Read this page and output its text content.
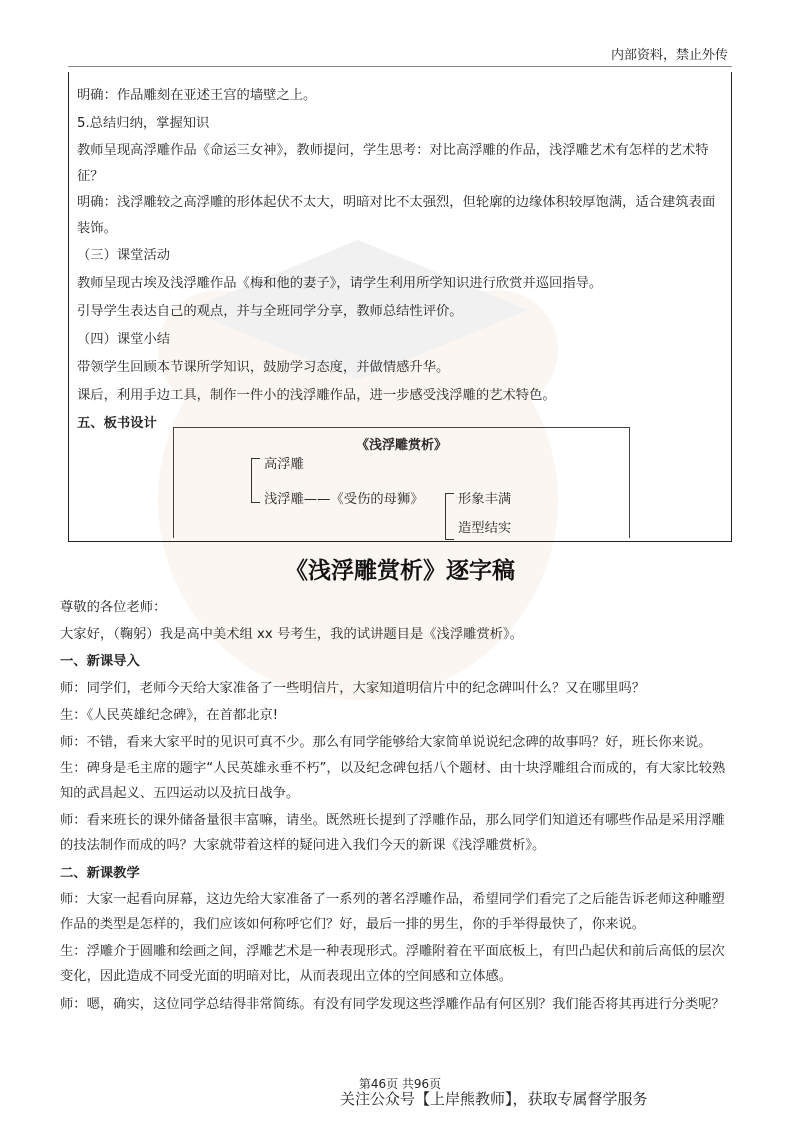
内部资料，禁止外传

明确：作品雕刻在亚述王宫的墙壁之上。

5.总结归纳，掌握知识

教师呈现高浮雕作品《命运三女神》，教师提问，学生思考：对比高浮雕的作品，浅浮雕艺术有怎样的艺术特征？

明确：浅浮雕较之高浮雕的形体起伏不太大，明暗对比不太强烈，但轮廓的边缘体积较厚饱满，适合建筑表面装饰。

（三）课堂活动

教师呈现古埃及浅浮雕作品《梅和他的妻子》，请学生利用所学知识进行欣赏并巡回指导。

引导学生表达自己的观点，并与全班同学分享，教师总结性评价。

（四）课堂小结

带领学生回顾本节课所学知识，鼓励学习态度，并做情感升华。

课后，利用手边工具，制作一件小的浅浮雕作品，进一步感受浅浮雕的艺术特色。

五、板书设计

《浅浮雕赏析》
高浮雕
浅浮雕——《受伤的母狮》	形象丰满
造型结实
《浅浮雕赏析》逐字稿

尊敬的各位老师：

大家好，（鞠躬）我是高中美术组 xx 号考生，我的试讲题目是《浅浮雕赏析》。

一、新课导入

师：同学们，老师今天给大家准备了一些明信片，大家知道明信片中的纪念碑叫什么？又在哪里吗？

生：《人民英雄纪念碑》，在首都北京!

师：不错，看来大家平时的见识可真不少。那么有同学能够给大家简单说说纪念碑的故事吗？好，班长你来说。

生：碑身是毛主席的题字“人民英雄永垂不朽”，以及纪念碑包括八个题材、由十块浮雕组合而成的，有大家比较熟知的武昌起义、五四运动以及抗日战争。

师：看来班长的课外储备量很丰富嘛，请坐。既然班长提到了浮雕作品，那么同学们知道还有哪些作品是采用浮雕的技法制作而成的吗？大家就带着这样的疑问进入我们今天的新课《浅浮雕赏析》。

二、新课教学

师：大家一起看向屏幕，这边先给大家准备了一系列的著名浮雕作品，希望同学们看完了之后能告诉老师这种雕塑作品的类型是怎样的，我们应该如何称呼它们？好，最后一排的男生，你的手举得最快了，你来说。

生：浮雕介于圆雕和绘画之间，浮雕艺术是一种表现形式。浮雕附着在平面底板上，有凹凸起伏和前后高低的层次变化，因此造成不同受光面的明暗对比，从而表现出立体的空间感和立体感。

师：嗯，确实，这位同学总结得非常简练。有没有同学发现这些浮雕作品有何区别？我们能否将其再进行分类呢？

第46页 共96页
关注公众号【上岸熊教师】，获取专属督学服务
